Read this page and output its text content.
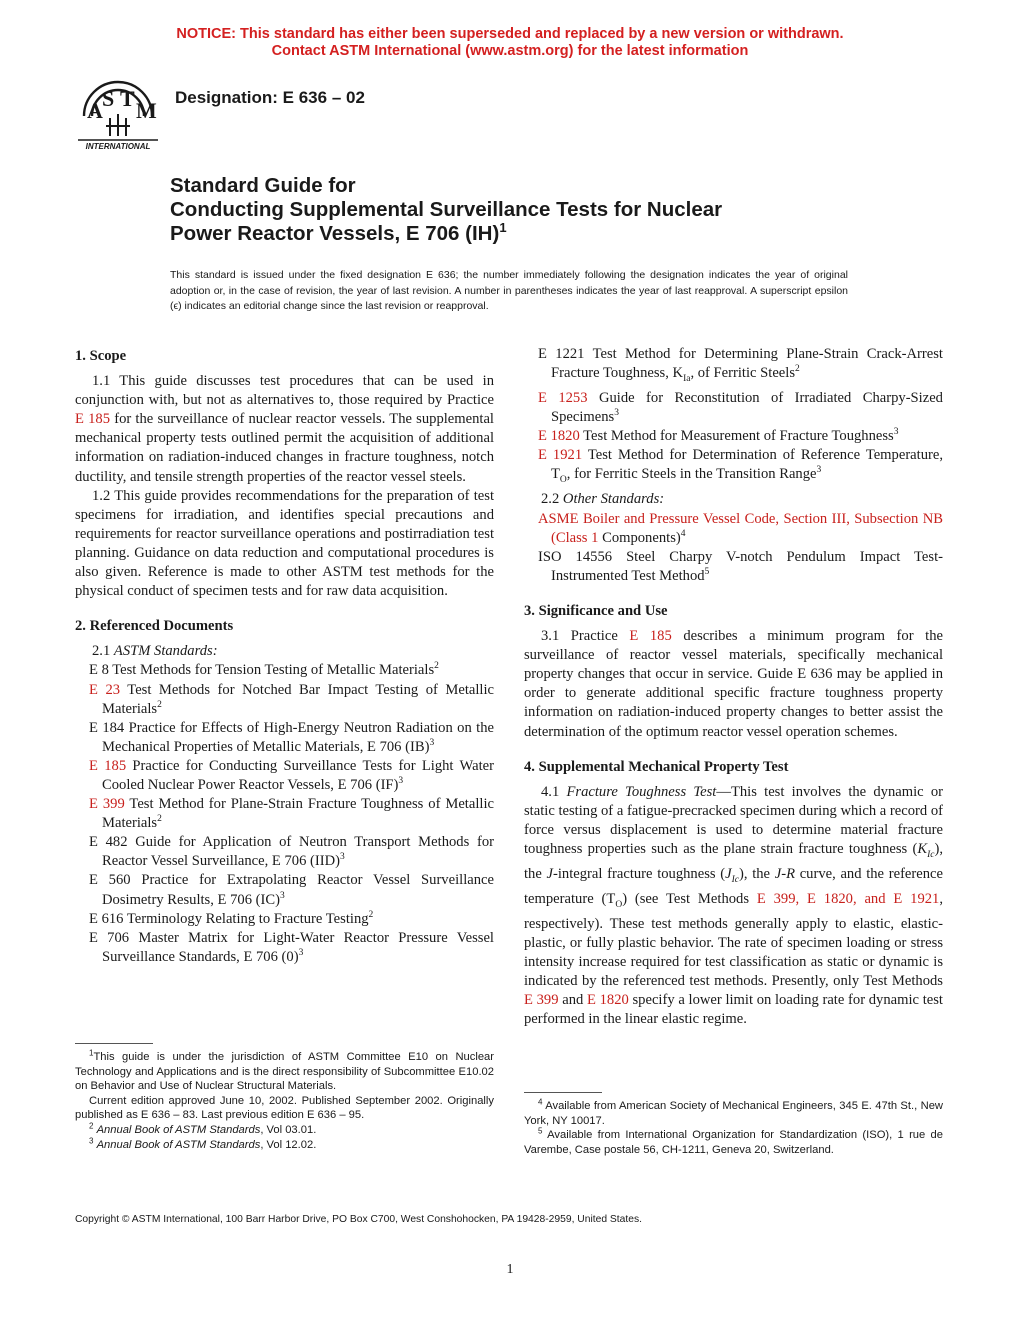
NOTICE: This standard has either been superseded and replaced by a new version or withdrawn.
Contact ASTM International (www.astm.org) for the latest information
A S T M
INTERNATIONAL
Designation: E 636 – 02
Standard Guide for
Conducting Supplemental Surveillance Tests for Nuclear
Power Reactor Vessels, E 706 (IH)$^1$
This standard is issued under the fixed designation E 636; the number immediately following the designation indicates the year of original adoption or, in the case of revision, the year of last revision. A number in parentheses indicates the year of last reapproval. A superscript epsilon (ϵ) indicates an editorial change since the last revision or reapproval.
1. Scope

1.1 This guide discusses test procedures that can be used in conjunction with, but not as alternatives to, those required by Practice E 185 for the surveillance of nuclear reactor vessels. The supplemental mechanical property tests outlined permit the acquisition of additional information on radiation-induced changes in fracture toughness, notch ductility, and tensile strength properties of the reactor vessel steels.

1.2 This guide provides recommendations for the preparation of test specimens for irradiation, and identifies special precautions and requirements for reactor surveillance operations and postirradiation test planning. Guidance on data reduction and computational procedures is also given. Reference is made to other ASTM test methods for the physical conduct of specimen tests and for raw data acquisition.

2. Referenced Documents

2.1 ASTM Standards:

E 8 Test Methods for Tension Testing of Metallic Materials$^2$

E 23 Test Methods for Notched Bar Impact Testing of Metallic Materials$^2$

E 184 Practice for Effects of High-Energy Neutron Radiation on the Mechanical Properties of Metallic Materials, E 706 (IB)$^3$

E 185 Practice for Conducting Surveillance Tests for Light Water Cooled Nuclear Power Reactor Vessels, E 706 (IF)$^3$

E 399 Test Method for Plane-Strain Fracture Toughness of Metallic Materials$^2$

E 482 Guide for Application of Neutron Transport Methods for Reactor Vessel Surveillance, E 706 (IID)$^3$

E 560 Practice for Extrapolating Reactor Vessel Surveillance Dosimetry Results, E 706 (IC)$^3$

E 616 Terminology Relating to Fracture Testing$^2$

E 706 Master Matrix for Light-Water Reactor Pressure Vessel Surveillance Standards, E 706 $(0)^3$

E 1221 Test Method for Determining Plane-Strain Crack-Arrest Fracture Toughness, $K_{Ia}$, of Ferritic Steels$^2$

E 1253 Guide for Reconstitution of Irradiated Charpy-Sized Specimens$^3$

E 1820 Test Method for Measurement of Fracture Toughness$^3$

E 1921 Test Method for Determination of Reference Temperature, $T_O$, for Ferritic Steels in the Transition Range$^3$

2.2 Other Standards:

ASME Boiler and Pressure Vessel Code, Section III, Subsection NB (Class 1 Components)$^4$

ISO 14556 Steel Charpy V-notch Pendulum Impact Test-Instrumented Test Method$^5$

3. Significance and Use

3.1 Practice E 185 describes a minimum program for the surveillance of reactor vessel materials, specifically mechanical property changes that occur in service. Guide E 636 may be applied in order to generate additional specific fracture toughness property information on radiation-induced property changes to better assist the determination of the optimum reactor vessel operation schemes.

4. Supplemental Mechanical Property Test

4.1 Fracture Toughness Test—This test involves the dynamic or static testing of a fatigue-precracked specimen during which a record of force versus displacement is used to determine material fracture toughness properties such as the plane strain fracture toughness $(K_{Ic})$, the J-integral fracture toughness $(J_{Ic})$, the J-R curve, and the reference temperature $(T_O)$ (see Test Methods E 399, E 1820, and E 1921, respectively). These test methods generally apply to elastic, elastic-plastic, or fully plastic behavior. The rate of specimen loading or stress intensity increase required for test classification as static or dynamic is indicated by the referenced test methods. Presently, only Test Methods E 399 and E 1820 specify a lower limit on loading rate for dynamic test performed in the linear elastic regime.

$^1$This guide is under the jurisdiction of ASTM Committee E10 on Nuclear Technology and Applications and is the direct responsibility of Subcommittee E10.02 on Behavior and Use of Nuclear Structural Materials.

Current edition approved June 10, 2002. Published September 2002. Originally published as E 636 – 83. Last previous edition E 636 – 95.

$^2$ Annual Book of ASTM Standards, Vol 03.01.

$^3$ Annual Book of ASTM Standards, Vol 12.02.

$^4$ Available from American Society of Mechanical Engineers, 345 E. 47th St., New York, NY 10017.

$^5$ Available from International Organization for Standardization (ISO), 1 rue de Varembe, Case postale 56, CH-1211, Geneva 20, Switzerland.

Copyright © ASTM International, 100 Barr Harbor Drive, PO Box C700, West Conshohocken, PA 19428-2959, United States.
1
